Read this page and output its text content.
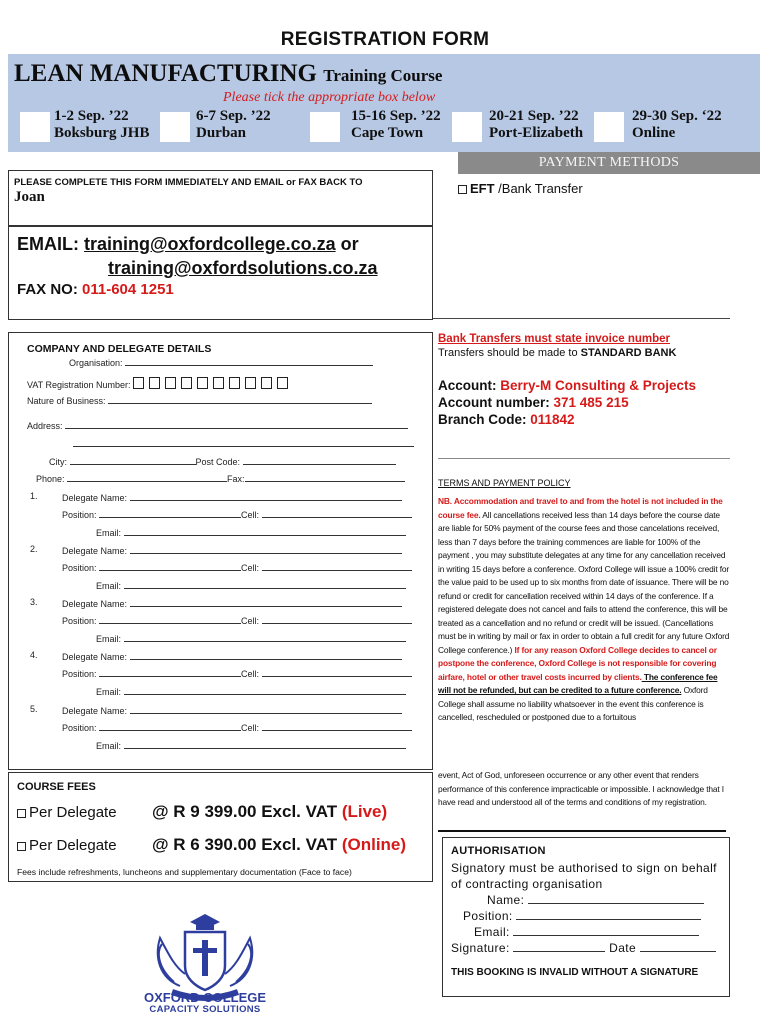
REGISTRATION FORM
LEAN MANUFACTURING Training Course
Please tick the appropriate box below
1-2 Sep. ’22
Boksburg JHB
6-7 Sep. ’22
Durban
15-16 Sep. ’22
Cape Town
20-21 Sep. ’22
Port-Elizabeth
29-30 Sep. ‘22
Online
PAYMENT METHODS
EFT /Bank Transfer
PLEASE COMPLETE THIS FORM IMMEDIATELY AND EMAIL or FAX BACK TO
Joan
EMAIL: training@oxfordcollege.co.za or
training@oxfordsolutions.co.za
FAX NO: 011-604 1251
Bank Transfers must state invoice number
Transfers should be made to STANDARD BANK
Account: Berry-M Consulting & Projects
Account number: 371 485 215
Branch Code: 011842
COMPANY AND DELEGATE DETAILS
Organisation:
VAT Registration Number:
Nature of Business:
Address:
City:	Post Code:
Phone:	Fax:
1.	Delegate Name:
Position:	Cell:
Email:
2.	Delegate Name:
Position:	Cell:
Email:
3.	Delegate Name:
Position:	Cell:
Email:
4.	Delegate Name:
Position:	Cell:
Email:
5.	Delegate Name:
Position:	Cell:
Email:
TERMS AND PAYMENT POLICY
NB. Accommodation and travel to and from the hotel is not included in the course fee. All cancellations received less than 14 days before the course date are liable for 50% payment of the course fees and those cancelations received, less than 7 days before the training commences are liable for 100% of the payment , you may substitute delegates at any time for any cancellation received in writing 15 days before a conference. Oxford College will issue a 100% credit for the value paid to be used up to six months from date of issuance. There will be no refund or credit for cancellation received within 14 days of the conference. If a registered delegate does not cancel and fails to attend the conference, this will be treated as a cancellation and no refund or credit will be issued. (Cancellations must be in writing by mail or fax in order to obtain a full credit for any future Oxford College conference.) If for any reason Oxford College decides to cancel or postpone the conference, Oxford College is not responsible for covering airfare, hotel or other travel costs incurred by clients. The conference fee will not be refunded, but can be credited to a future conference. Oxford College shall assume no liability whatsoever in the event this conference is cancelled, rescheduled or postponed due to a fortuitous
event, Act of God, unforeseen occurrence or any other event that renders performance of this conference impracticable or impossible. I acknowledge that I have read and understood all of the terms and conditions of my registration.
COURSE FEES
Per Delegate @ R 9 399.00 Excl. VAT (Live)
Per Delegate @ R 6 390.00 Excl. VAT (Online)
Fees include refreshments, luncheons and supplementary documentation (Face to face)
AUTHORISATION
Signatory must be authorised to sign on behalf of contracting organisation
Name:
Position:
Email:
Signature:	Date
THIS BOOKING IS INVALID WITHOUT A SIGNATURE
OXFORD COLLEGE
CAPACITY SOLUTIONS
